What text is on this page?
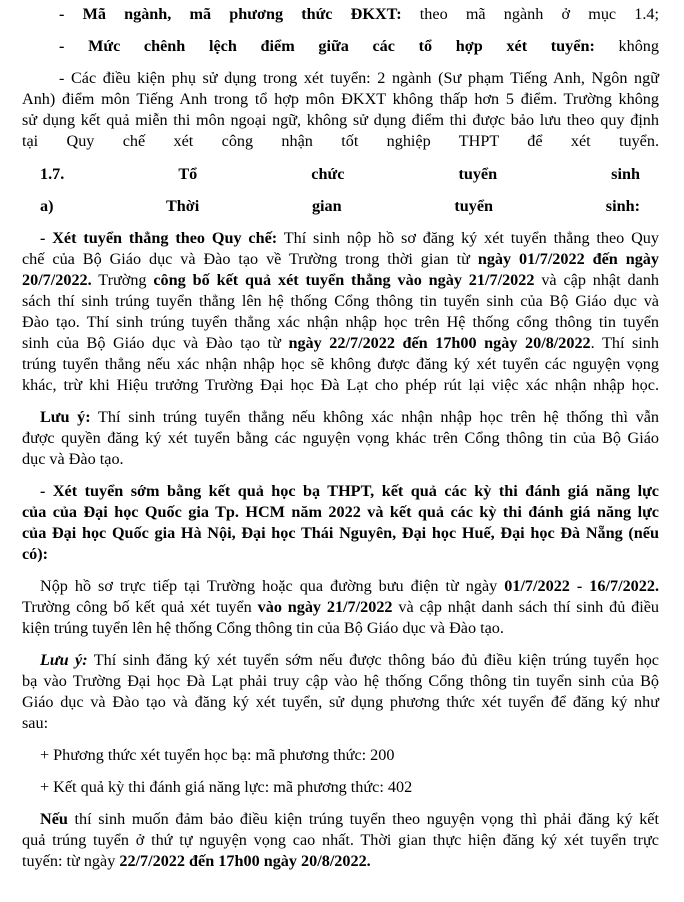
- Mã ngành, mã phương thức ĐKXT: theo mã ngành ở mục 1.4;
- Mức chênh lệch điểm giữa các tổ hợp xét tuyển: không
- Các điều kiện phụ sử dụng trong xét tuyển: 2 ngành (Sư phạm Tiếng Anh, Ngôn ngữ
Anh) điểm môn Tiếng Anh trong tổ hợp môn ĐKXT không thấp hơn 5 điểm. Trường không
sử dụng kết quả miễn thi môn ngoại ngữ, không sử dụng điểm thi được bảo lưu theo quy định
tại Quy chế xét công nhận tốt nghiệp THPT để xét tuyển.
1.7.	Tổ chức tuyển sinh
a) Thời gian tuyển sinh:
- Xét tuyển thẳng theo Quy chế: Thí sinh nộp hồ sơ đăng ký xét tuyển thẳng theo Quy
chế của Bộ Giáo dục và Đào tạo về Trường trong thời gian từ ngày 01/7/2022 đến ngày
20/7/2022. Trường công bố kết quả xét tuyển thẳng vào ngày 21/7/2022 và cập nhật danh
sách thí sinh trúng tuyển thẳng lên hệ thống Cổng thông tin tuyển sinh của Bộ Giáo dục và
Đào tạo. Thí sinh trúng tuyển thẳng xác nhận nhập học trên Hệ thống cổng thông tin tuyển
sinh của Bộ Giáo dục và Đào tạo từ ngày 22/7/2022 đến 17h00 ngày 20/8/2022. Thí sinh
trúng tuyển thẳng nếu xác nhận nhập học sẽ không được đăng ký xét tuyển các nguyện vọng
khác, trừ khi Hiệu trưởng Trường Đại học Đà Lạt cho phép rút lại việc xác nhận nhập học.
Lưu ý: Thí sinh trúng tuyển thẳng nếu không xác nhận nhập học trên hệ thống thì vẫn
được quyền đăng ký xét tuyển bằng các nguyện vọng khác trên Cổng thông tin của Bộ Giáo
dục và Đào tạo.
- Xét tuyển sớm bằng kết quả học bạ THPT, kết quả các kỳ thi đánh giá năng lực
của của Đại học Quốc gia Tp. HCM năm 2022 và kết quả các kỳ thi đánh giá năng lực
của Đại học Quốc gia Hà Nội, Đại học Thái Nguyên, Đại học Huế, Đại học Đà Nẵng (nếu
có):
Nộp hồ sơ trực tiếp tại Trường hoặc qua đường bưu điện từ ngày 01/7/2022 - 16/7/2022.
Trường công bố kết quả xét tuyển vào ngày 21/7/2022 và cập nhật danh sách thí sinh đủ điều
kiện trúng tuyển lên hệ thống Cổng thông tin của Bộ Giáo dục và Đào tạo.
Lưu ý: Thí sinh đăng ký xét tuyển sớm nếu được thông báo đủ điều kiện trúng tuyển học
bạ vào Trường Đại học Đà Lạt phải truy cập vào hệ thống Cổng thông tin tuyển sinh của Bộ
Giáo dục và Đào tạo và đăng ký xét tuyển, sử dụng phương thức xét tuyển để đăng ký như
sau:
+ Phương thức xét tuyển học bạ: mã phương thức: 200
+ Kết quả kỳ thi đánh giá năng lực: mã phương thức: 402
Nếu thí sinh muốn đảm bảo điều kiện trúng tuyển theo nguyện vọng thì phải đăng ký kết
quả trúng tuyển ở thứ tự nguyện vọng cao nhất. Thời gian thực hiện đăng ký xét tuyển trực
tuyến: từ ngày 22/7/2022 đến 17h00 ngày 20/8/2022.
